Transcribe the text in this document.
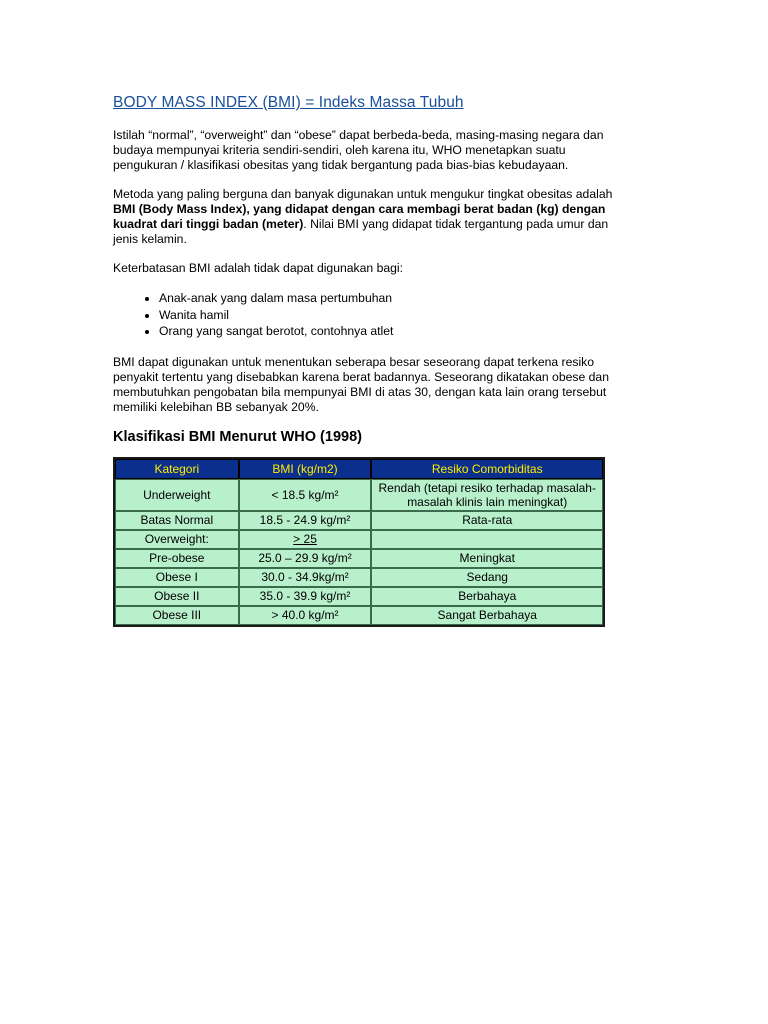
BODY MASS INDEX (BMI) = Indeks Massa Tubuh

Istilah “normal”, “overweight” dan “obese” dapat berbeda-beda, masing-masing negara dan budaya mempunyai kriteria sendiri-sendiri, oleh karena itu, WHO menetapkan suatu pengukuran / klasifikasi obesitas yang tidak bergantung pada bias-bias kebudayaan.

Metoda yang paling berguna dan banyak digunakan untuk mengukur tingkat obesitas adalah BMI (Body Mass Index), yang didapat dengan cara membagi berat badan (kg) dengan kuadrat dari tinggi badan (meter). Nilai BMI yang didapat tidak tergantung pada umur dan jenis kelamin.

Keterbatasan BMI adalah tidak dapat digunakan bagi:

• Anak-anak yang dalam masa pertumbuhan
• Wanita hamil
• Orang yang sangat berotot, contohnya atlet

BMI dapat digunakan untuk menentukan seberapa besar seseorang dapat terkena resiko penyakit tertentu yang disebabkan karena berat badannya. Seseorang dikatakan obese dan membutuhkan pengobatan bila mempunyai BMI di atas 30, dengan kata lain orang tersebut memiliki kelebihan BB sebanyak 20%.

Klasifikasi BMI Menurut WHO (1998)
Kategori	BMI (kg/m2)	Resiko Comorbiditas
Underweight	< 18.5 kg/m²	Rendah (tetapi resiko terhadap masalah-masalah klinis lain meningkat)
Batas Normal	18.5 - 24.9 kg/m²	Rata-rata
Overweight:	> 25	
Pre-obese	25.0 – 29.9 kg/m²	Meningkat
Obese I	30.0 - 34.9kg/m²	Sedang
Obese II	35.0 - 39.9 kg/m²	Berbahaya
Obese III	> 40.0 kg/m²	Sangat Berbahaya
